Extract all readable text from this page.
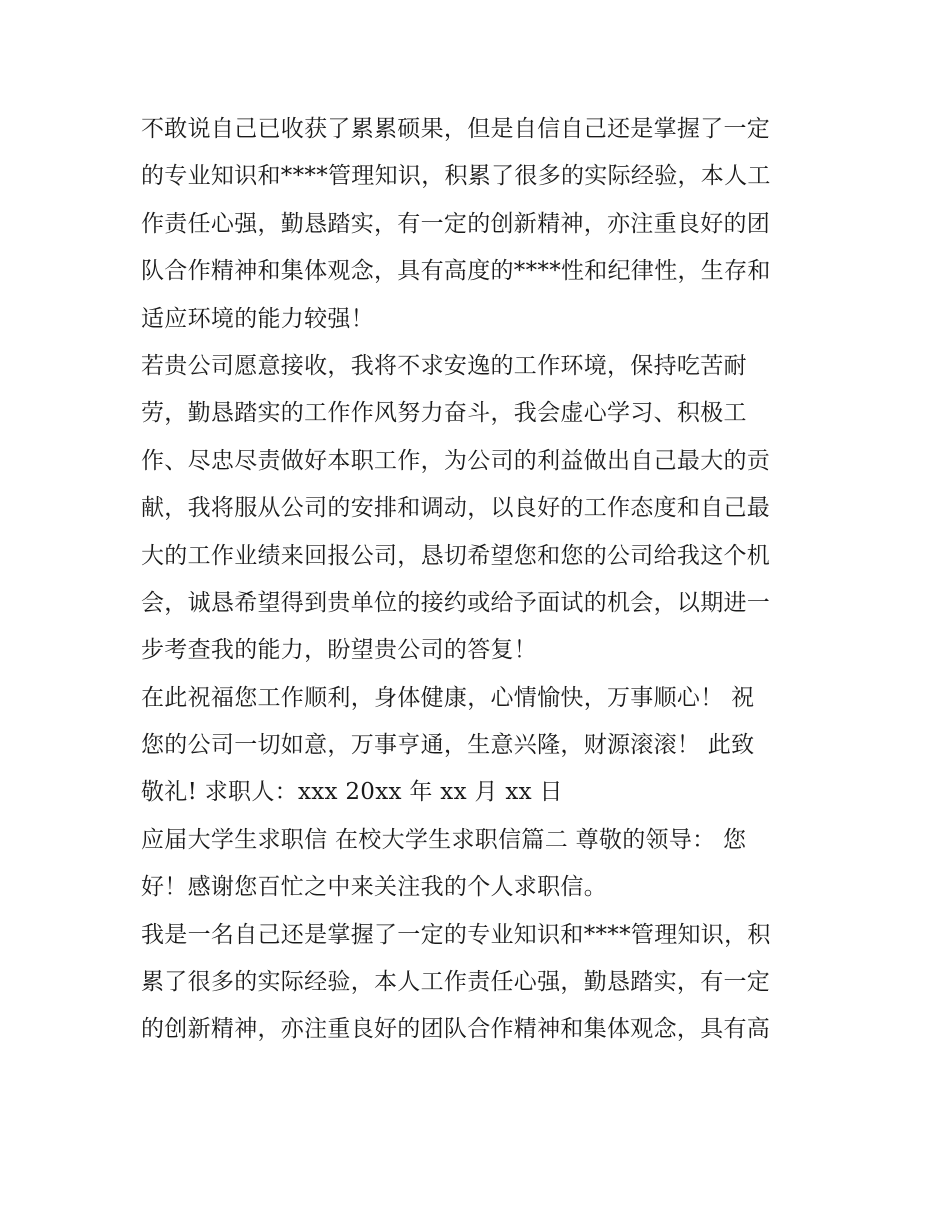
不敢说自己已收获了累累硕果，但是自信自己还是掌握了一定
的专业知识和****管理知识，积累了很多的实际经验，本人工
作责任心强，勤恳踏实，有一定的创新精神，亦注重良好的团
队合作精神和集体观念，具有高度的****性和纪律性，生存和
适应环境的能力较强！
若贵公司愿意接收，我将不求安逸的工作环境，保持吃苦耐
劳，勤恳踏实的工作作风努力奋斗，我会虚心学习、积极工
作、尽忠尽责做好本职工作，为公司的利益做出自己最大的贡
献，我将服从公司的安排和调动，以良好的工作态度和自己最
大的工作业绩来回报公司，恳切希望您和您的公司给我这个机
会，诚恳希望得到贵单位的接约或给予面试的机会，以期进一
步考查我的能力，盼望贵公司的答复！
在此祝福您工作顺利，身体健康，心情愉快，万事顺心！ 祝
您的公司一切如意，万事亨通，生意兴隆，财源滚滚！ 此致
敬礼! 求职人：xxx 20xx 年 xx 月 xx 日
应届大学生求职信 在校大学生求职信篇二 尊敬的领导： 您
好！感谢您百忙之中来关注我的个人求职信。
我是一名自己还是掌握了一定的专业知识和****管理知识，积
累了很多的实际经验，本人工作责任心强，勤恳踏实，有一定
的创新精神，亦注重良好的团队合作精神和集体观念，具有高
